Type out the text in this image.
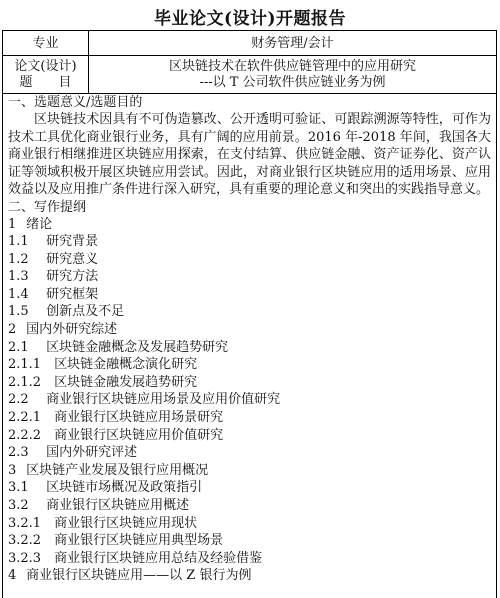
毕业论文(设计)开题报告
专业	财务管理/会计
论文(设计)
题　　目
区块链技术在软件供应链管理中的应用研究
---以 T 公司软件供应链业务为例

一、选题意义/选题目的

区块链技术因具有不可伪造篡改、公开透明可验证、可跟踪溯源等特性，可作为技术工具优化商业银行业务，具有广阔的应用前景。2016 年-2018 年间，我国各大商业银行相继推进区块链应用探索，在支付结算、供应链金融、资产证券化、资产认证等领域积极开展区块链应用尝试。因此，对商业银行区块链应用的适用场景、应用效益以及应用推广条件进行深入研究，具有重要的理论意义和突出的实践指导意义。

二、写作提纲

1 绪论
1.1 研究背景
1.2 研究意义
1.3 研究方法
1.4 研究框架
1.5 创新点及不足
2 国内外研究综述
2.1 区块链金融概念及发展趋势研究
2.1.1 区块链金融概念演化研究
2.1.2 区块链金融发展趋势研究
2.2 商业银行区块链应用场景及应用价值研究
2.2.1 商业银行区块链应用场景研究
2.2.2 商业银行区块链应用价值研究
2.3 国内外研究评述
3 区块链产业发展及银行应用概况
3.1 区块链市场概况及政策指引
3.2 商业银行区块链应用概述
3.2.1 商业银行区块链应用现状
3.2.2 商业银行区块链应用典型场景
3.2.3 商业银行区块链应用总结及经验借鉴
4 商业银行区块链应用——以 Z 银行为例
